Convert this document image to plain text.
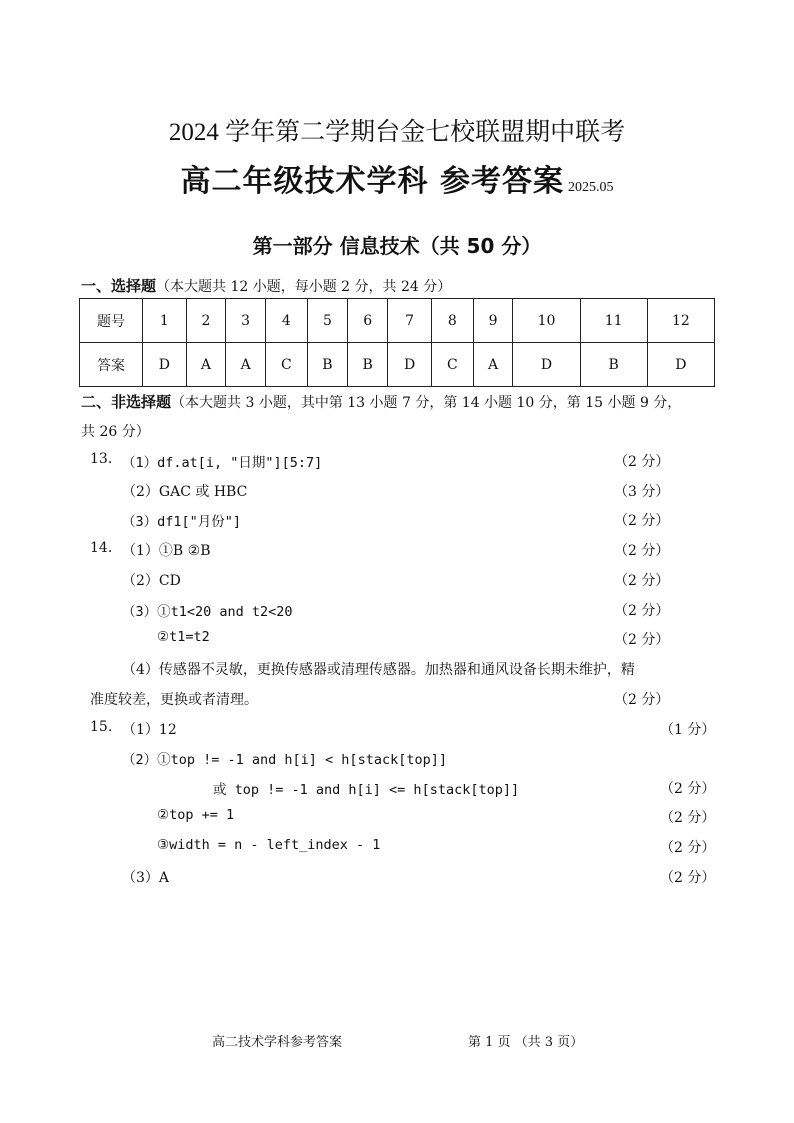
2024 学年第二学期台金七校联盟期中联考
高二年级技术学科 参考答案 2025.05
第一部分 信息技术（共 50 分）
一、选择题（本大题共 12 小题，每小题 2 分，共 24 分）
题号	1	2	3	4	5	6	7	8	9	10	11	12
答案	D	A	A	C	B	B	D	C	A	D	B	D
二、非选择题（本大题共 3 小题，其中第 13 小题 7 分，第 14 小题 10 分，第 15 小题 9 分，
共 26 分）
13. （1）df.at[i, "日期"][5:7]	（2 分）
（2）GAC 或 HBC	（3 分）
（3）df1["月份"]	（2 分）
14. （1）①B ②B	（2 分）
（2）CD	（2 分）
（3）①t1<20 and t2<20	（2 分）
②t1=t2	（2 分）
（4）传感器不灵敏，更换传感器或清理传感器。加热器和通风设备长期未维护，精
准度较差，更换或者清理。	（2 分）
15. （1）12	（1 分）
（2）①top != -1 and h[i] < h[stack[top]]
或 top != -1 and h[i] <= h[stack[top]]	（2 分）
②top += 1	（2 分）
③width = n - left_index - 1	（2 分）
（3）A	（2 分）
高二技术学科参考答案	第 1 页 （共 3 页）
